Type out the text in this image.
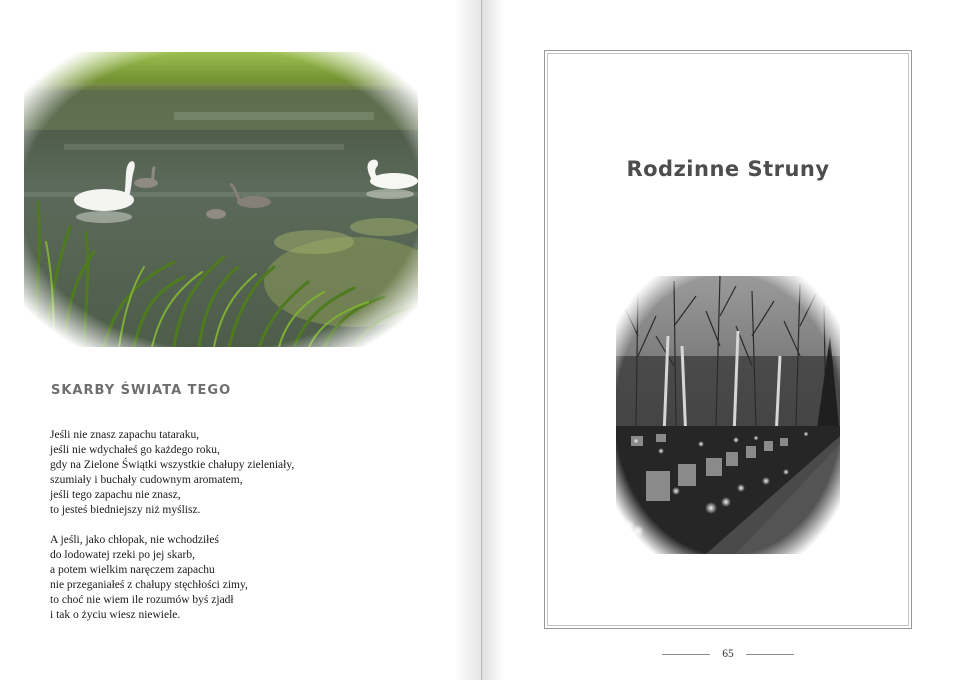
SKARBY ŚWIATA TEGO

Jeśli nie znasz zapachu tataraku,
jeśli nie wdychałeś go każdego roku,
gdy na Zielone Świątki wszystkie chałupy zieleniały,
szumiały i buchały cudownym aromatem,
jeśli tego zapachu nie znasz,
to jesteś biedniejszy niż myślisz.

A jeśli, jako chłopak, nie wchodziłeś
do lodowatej rzeki po jej skarb,
a potem wielkim naręczem zapachu
nie przeganiałeś z chałupy stęchłości zimy,
to choć nie wiem ile rozumów byś zjadł
i tak o życiu wiesz niewiele.

Rodzinne Struny
65
